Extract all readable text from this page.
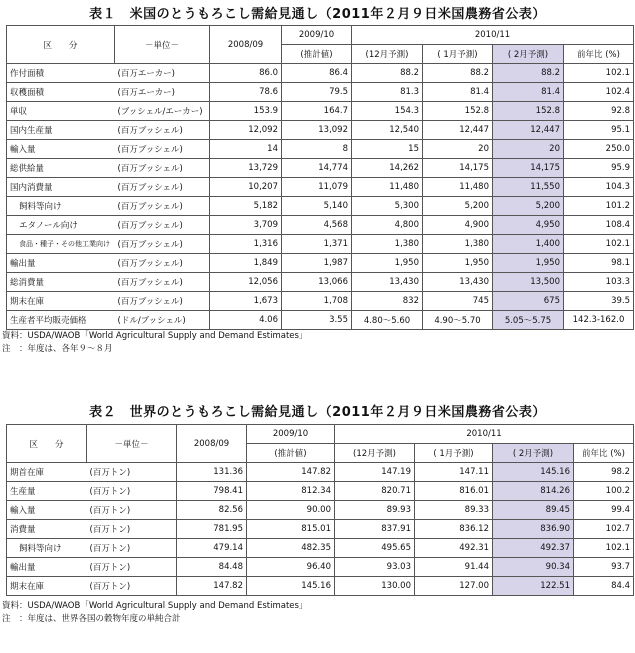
表１　米国のとうもろこし需給見通し（2011年２月９日米国農務省公表）
区　　分	－単位－	2008/09	2009/10	2010/11			
			(推計値)	(12月予測)	( 1月予測)	( 2月予測)	前年比 (%)
作付面積	(百万エーカー)	86.0	86.4	88.2	88.2	88.2	102.1
収穫面積	(百万エーカー)	78.6	79.5	81.3	81.4	81.4	102.4
単収	(ブッシェル/エーカー)	153.9	164.7	154.3	152.8	152.8	92.8
国内生産量	(百万ブッシェル)	12,092	13,092	12,540	12,447	12,447	95.1
輸入量	(百万ブッシェル)	14	8	15	20	20	250.0
総供給量	(百万ブッシェル)	13,729	14,774	14,262	14,175	14,175	95.9
国内消費量	(百万ブッシェル)	10,207	11,079	11,480	11,480	11,550	104.3
飼料等向け	(百万ブッシェル)	5,182	5,140	5,300	5,200	5,200	101.2
エタノール向け	(百万ブッシェル)	3,709	4,568	4,800	4,900	4,950	108.4
食品・種子・その他工業向け	(百万ブッシェル)	1,316	1,371	1,380	1,380	1,400	102.1
輸出量	(百万ブッシェル)	1,849	1,987	1,950	1,950	1,950	98.1
総消費量	(百万ブッシェル)	12,056	13,066	13,430	13,430	13,500	103.3
期末在庫	(百万ブッシェル)	1,673	1,708	832	745	675	39.5
生産者平均販売価格	(ドル/ブッシェル)	4.06	3.55	4.80～5.60	4.90～5.70	5.05～5.75	142.3-162.0
資料：USDA/WAOB「World Agricultural Supply and Demand Estimates」
注　：年度は、各年９～８月
表２　世界のとうもろこし需給見通し（2011年２月９日米国農務省公表）
区　　分	－単位－	2008/09	2009/10	2010/11			
			(推計値)	(12月予測)	( 1月予測)	( 2月予測)	前年比 (%)
期首在庫	(百万トン)	131.36	147.82	147.19	147.11	145.16	98.2
生産量	(百万トン)	798.41	812.34	820.71	816.01	814.26	100.2
輸入量	(百万トン)	82.56	90.00	89.93	89.33	89.45	99.4
消費量	(百万トン)	781.95	815.01	837.91	836.12	836.90	102.7
飼料等向け	(百万トン)	479.14	482.35	495.65	492.31	492.37	102.1
輸出量	(百万トン)	84.48	96.40	93.03	91.44	90.34	93.7
期末在庫	(百万トン)	147.82	145.16	130.00	127.00	122.51	84.4
資料：USDA/WAOB「World Agricultural Supply and Demand Estimates」
注　：年度は、世界各国の穀物年度の単純合計
